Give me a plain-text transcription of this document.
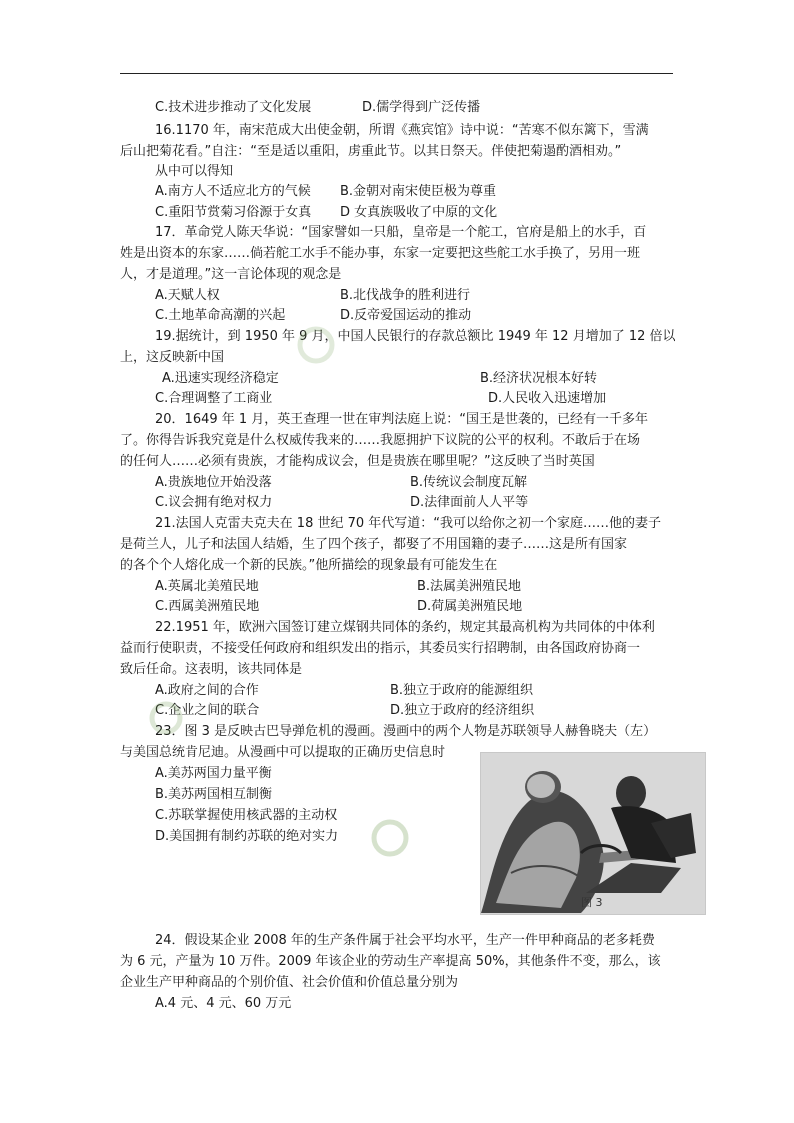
C.技术进步推动了文化发展	D.儒学得到广泛传播
16.1170 年，南宋范成大出使金朝，所谓《燕宾馆》诗中说：“苦寒不似东篱下，雪满
后山把菊花看。”自注：“至是适以重阳，虏重此节。以其日祭天。伴使把菊遢酌酒相劝。”
从中可以得知
A.南方人不适应北方的气候 B.金朝对南宋使臣极为尊重
C.重阳节赏菊习俗源于女真 D 女真族吸收了中原的文化
17．革命党人陈天华说：“国家譬如一只船，皇帝是一个舵工，官府是船上的水手，百
姓是出资本的东家……倘若舵工水手不能办事，东家一定要把这些舵工水手换了，另用一班
人，才是道理。”这一言论体现的观念是
A.天赋人权	B.北伐战争的胜利进行
C.土地革命高潮的兴起	D.反帝爱国运动的推动
19.据统计，到 1950 年 9 月，中国人民银行的存款总额比 1949 年 12 月增加了 12 倍以
上，这反映新中国
A.迅速实现经济稳定	B.经济状况根本好转
C.合理调整了工商业	D.人民收入迅速增加
20．1649 年 1 月，英王查理一世在审判法庭上说：“国王是世袭的，已经有一千多年
了。你得告诉我究竟是什么权威传我来的……我愿拥护下议院的公平的权利。不敢后于在场
的任何人……必须有贵族，才能构成议会，但是贵族在哪里呢？”这反映了当时英国
A.贵族地位开始没落	B.传统议会制度瓦解
C.议会拥有绝对权力	D.法律面前人人平等
21.法国人克雷夫克夫在 18 世纪 70 年代写道：“我可以给你之初一个家庭……他的妻子
是荷兰人，儿子和法国人结婚，生了四个孩子，都娶了不用国籍的妻子……这是所有国家
的各个个人熔化成一个新的民族。”他所描绘的现象最有可能发生在
A.英属北美殖民地	B.法属美洲殖民地
C.西属美洲殖民地	D.荷属美洲殖民地
22.1951 年，欧洲六国签订建立煤钢共同体的条约，规定其最高机构为共同体的中体利
益而行使职责，不接受任何政府和组织发出的指示，其委员实行招聘制，由各国政府协商一
致后任命。这表明，该共同体是
A.政府之间的合作	B.独立于政府的能源组织
C.企业之间的联合	D.独立于政府的经济组织
23．图 3 是反映古巴导弹危机的漫画。漫画中的两个人物是苏联领导人赫鲁晓夫（左）
与美国总统肯尼迪。从漫画中可以提取的正确历史信息时
A.美苏两国力量平衡
B.美苏两国相互制衡
C.苏联掌握使用核武器的主动权
D.美国拥有制约苏联的绝对实力
图 3
24．假设某企业 2008 年的生产条件属于社会平均水平，生产一件甲种商品的老多耗费
为 6 元，产量为 10 万件。2009 年该企业的劳动生产率提高 50%，其他条件不变，那么，该
企业生产甲种商品的个别价值、社会价值和价值总量分别为
A.4 元、4 元、60 万元
